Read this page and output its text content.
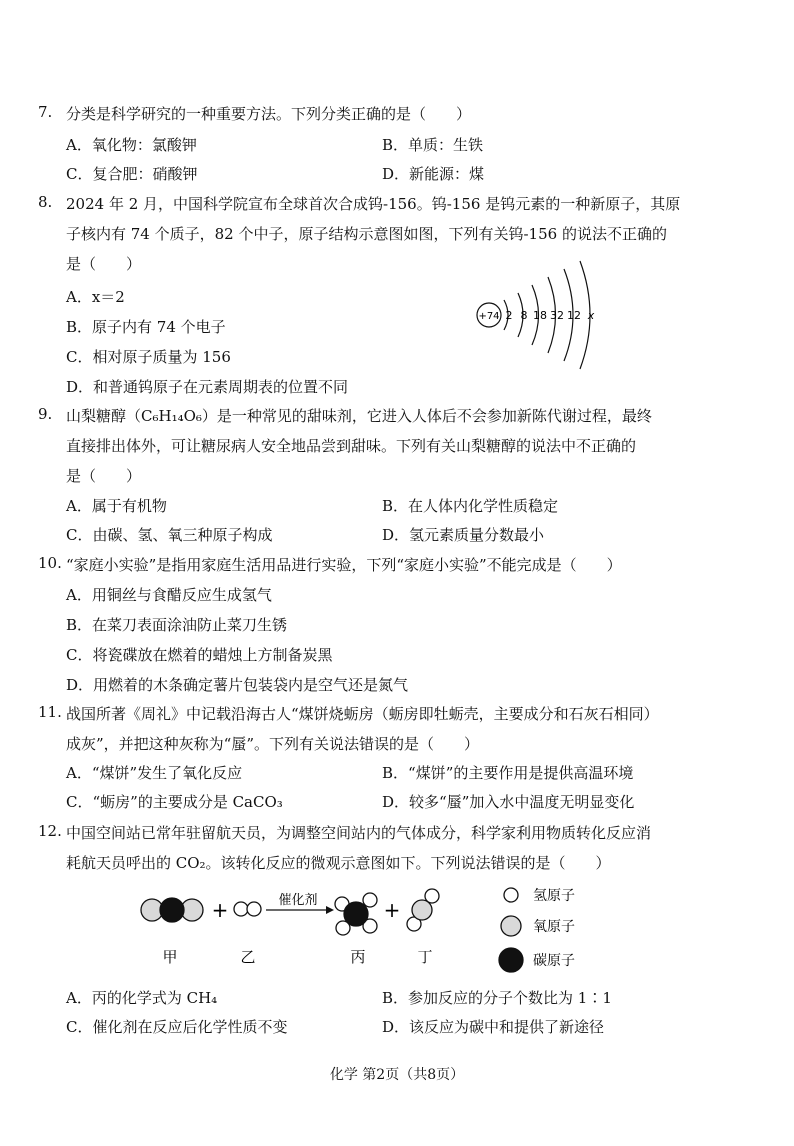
7. 分类是科学研究的一种重要方法。下列分类正确的是（　　）
A．氧化物：氯酸钾	B．单质：生铁
C．复合肥：硝酸钾	D．新能源：煤
8. 2024 年 2 月，中国科学院宣布全球首次合成钨-156。钨-156 是钨元素的一种新原子，其原
子核内有 74 个质子，82 个中子，原子结构示意图如图，下列有关钨-156 的说法不正确的
是（　　）
A．x＝2
B．原子内有 74 个电子
C．相对原子质量为 156
D．和普通钨原子在元素周期表的位置不同
+74 2 8 18 32 12 x
9. 山梨糖醇（C₆H₁₄O₆）是一种常见的甜味剂，它进入人体后不会参加新陈代谢过程，最终
直接排出体外，可让糖尿病人安全地品尝到甜味。下列有关山梨糖醇的说法中不正确的
是（　　）
A．属于有机物	B．在人体内化学性质稳定
C．由碳、氢、氧三种原子构成	D．氢元素质量分数最小
10. “家庭小实验”是指用家庭生活用品进行实验，下列“家庭小实验”不能完成是（　　）
A．用铜丝与食醋反应生成氢气
B．在菜刀表面涂油防止菜刀生锈
C．将瓷碟放在燃着的蜡烛上方制备炭黑
D．用燃着的木条确定薯片包装袋内是空气还是氮气
11. 战国所著《周礼》中记载沿海古人“煤饼烧蛎房（蛎房即牡蛎壳，主要成分和石灰石相同）
成灰”，并把这种灰称为“蜃”。下列有关说法错误的是（　　）
A．“煤饼”发生了氧化反应	B．“煤饼”的主要作用是提供高温环境
C．“蛎房”的主要成分是 CaCO₃	D．较多“蜃”加入水中温度无明显变化
12. 中国空间站已常年驻留航天员，为调整空间站内的气体成分，科学家利用物质转化反应消
耗航天员呼出的 CO₂。该转化反应的微观示意图如下。下列说法错误的是（　　）
+	催化剂	+
甲	乙	丙	丁
氢原子
氧原子
碳原子
A．丙的化学式为 CH₄	B．参加反应的分子个数比为 1∶1
C．催化剂在反应后化学性质不变	D．该反应为碳中和提供了新途径
化学 第2页（共8页）
